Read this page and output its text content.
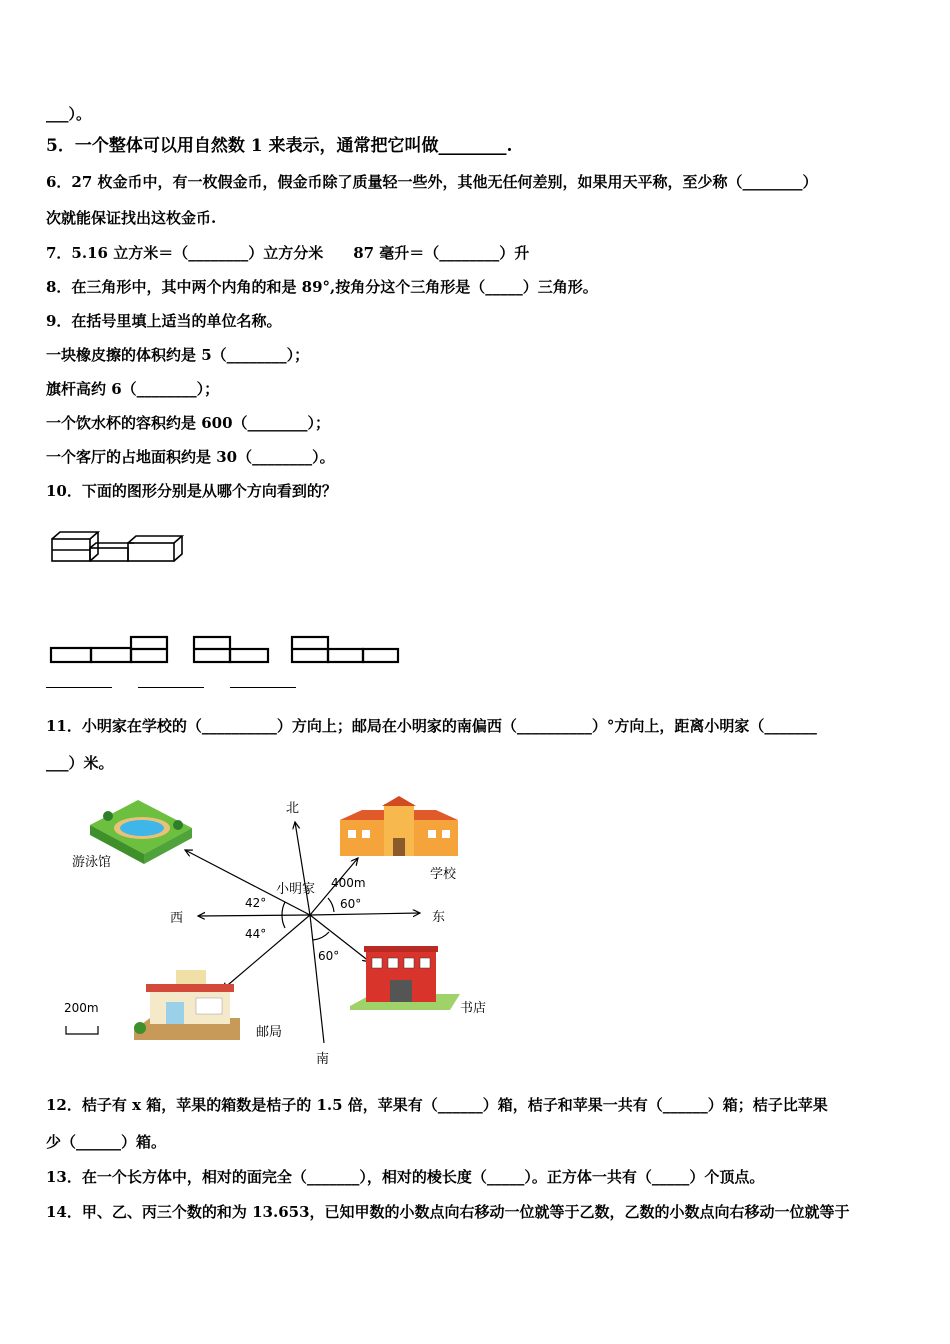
___）。
5．一个整体可以用自然数 1 来表示，通常把它叫做________.
6．27 枚金币中，有一枚假金币，假金币除了质量轻一些外，其他无任何差别，如果用天平称，至少称（________）
次就能保证找出这枚金币.
7．5.16 立方米＝（________）立方分米　　87 毫升＝（________）升
8．在三角形中，其中两个内角的和是 89°,按角分这个三角形是（_____）三角形。
9．在括号里填上适当的单位名称。
一块橡皮擦的体积约是 5（________）；
旗杆高约 6（________）；
一个饮水杯的容积约是 600（________）；
一个客厅的占地面积约是 30（________）。
10．下面的图形分别是从哪个方向看到的？
11．小明家在学校的（__________）方向上；邮局在小明家的南偏西（__________）°方向上，距离小明家（_______
___）米。
北
南
东
西
小明家
游泳馆
学校
书店
邮局
400m
60°
60°
42°
44°
200m
12．桔子有 x 箱，苹果的箱数是桔子的 1.5 倍，苹果有（______）箱，桔子和苹果一共有（______）箱；桔子比苹果
少（______）箱。
13．在一个长方体中，相对的面完全（_______），相对的棱长度（_____）。正方体一共有（_____）个顶点。
14．甲、乙、丙三个数的和为 13.653，已知甲数的小数点向右移动一位就等于乙数，乙数的小数点向右移动一位就等于
